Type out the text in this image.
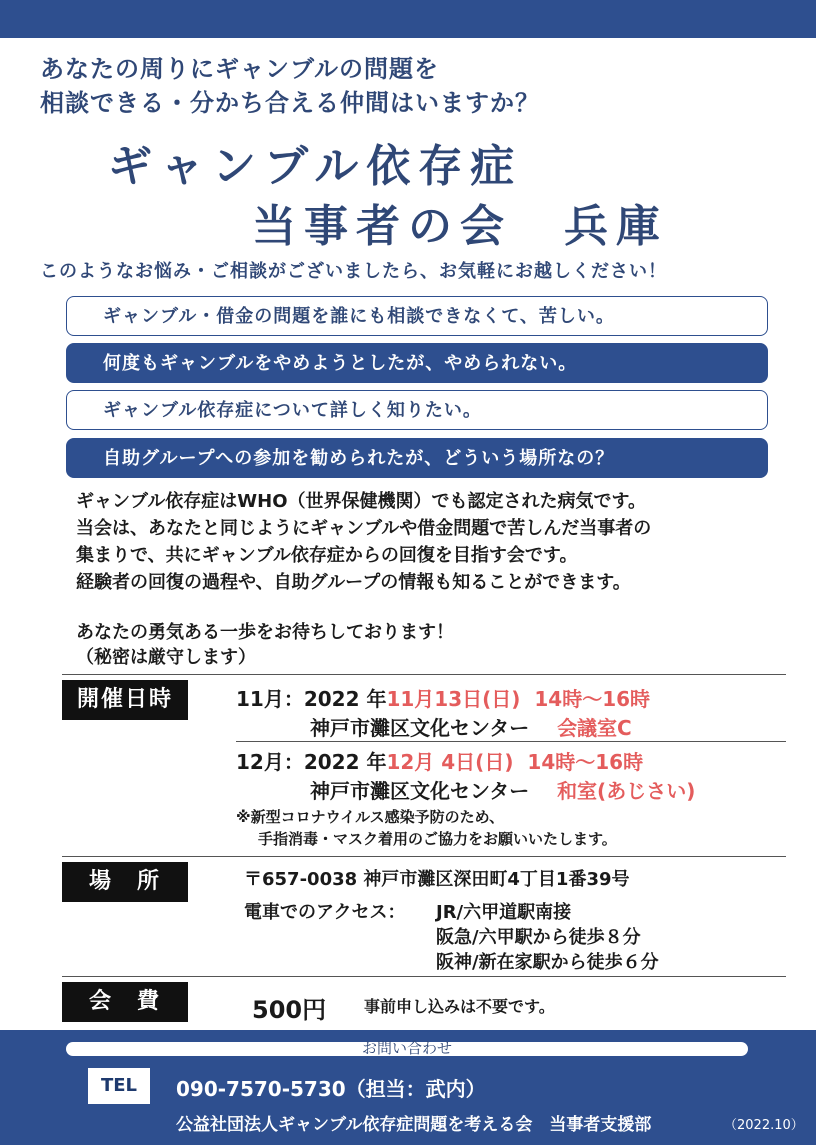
あなたの周りにギャンブルの問題を
相談できる・分かち合える仲間はいますか？
ギャンブル依存症
当事者の会　兵庫
このようなお悩み・ご相談がございましたら、お気軽にお越しください！
ギャンブル・借金の問題を誰にも相談できなくて、苦しい。
何度もギャンブルをやめようとしたが、やめられない。
ギャンブル依存症について詳しく知りたい。
自助グループへの参加を勧められたが、どういう場所なの？
ギャンブル依存症はWHO（世界保健機関）でも認定された病気です。
当会は、あなたと同じようにギャンブルや借金問題で苦しんだ当事者の
集まりで、共にギャンブル依存症からの回復を目指す会です。
経験者の回復の過程や、自助グループの情報も知ることができます。
あなたの勇気ある一歩をお待ちしております！
（秘密は厳守します）
開催日時	11月：2022 年11月13日(日) 14時～16時
神戸市灘区文化センター 会議室C
12月：2022 年12月 4日(日) 14時～16時
神戸市灘区文化センター 和室(あじさい)
※新型コロナウイルス感染予防のため、
手指消毒・マスク着用のご協力をお願いいたします。
場　所	〒657-0038 神戸市灘区深田町4丁目1番39号
電車でのアクセス： JR/六甲道駅南接
阪急/六甲駅から徒歩８分
阪神/新在家駅から徒歩６分
会　費	500円 事前申し込みは不要です。
お問い合わせ
TEL	090-7570-5730（担当：武内）
公益社団法人ギャンブル依存症問題を考える会　当事者支援部	（2022.10）
